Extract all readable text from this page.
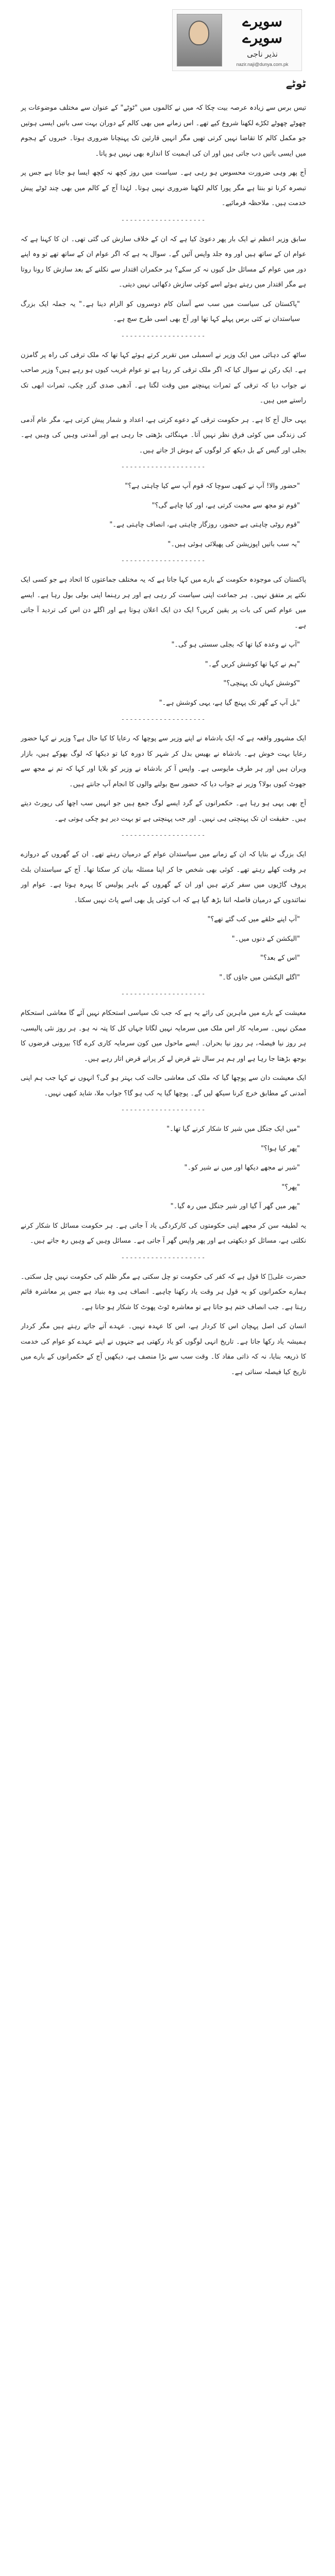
سویرے
سویرے
نذیر ناجی
nazir.naji@dunya.com.pk
ٹوٹے

تیس برس سے زیادہ عرصہ بیت چکا کہ میں نے کالموں میں "ٹوٹے" کے عنوان سے مختلف موضوعات پر چھوٹے چھوٹے ٹکڑے لکھنا شروع کیے تھے۔ اس زمانے میں بھی کالم کے دوران بہت سی باتیں ایسی ہوتیں جو مکمل کالم کا تقاضا نہیں کرتی تھیں مگر انہیں قارئین تک پہنچانا ضروری ہوتا۔ خبروں کے ہجوم میں ایسی باتیں دب جاتی ہیں اور ان کی اہمیت کا اندازہ بھی نہیں ہو پاتا۔

آج پھر وہی ضرورت محسوس ہو رہی ہے۔ سیاست میں روز کچھ نہ کچھ ایسا ہو جاتا ہے جس پر تبصرہ کرنا تو بنتا ہے مگر پورا کالم لکھنا ضروری نہیں ہوتا۔ لہٰذا آج کے کالم میں بھی چند ٹوٹے پیش خدمت ہیں۔ ملاحظہ فرمائیے۔

--------------------

سابق وزیر اعظم نے ایک بار پھر دعویٰ کیا ہے کہ ان کے خلاف سازش کی گئی تھی۔ ان کا کہنا ہے کہ عوام ان کے ساتھ ہیں اور وہ جلد واپس آئیں گے۔ سوال یہ ہے کہ اگر عوام ان کے ساتھ تھے تو وہ اپنے دور میں عوام کے مسائل حل کیوں نہ کر سکے؟ ہر حکمران اقتدار سے نکلنے کے بعد سازش کا رونا روتا ہے مگر اقتدار میں رہتے ہوئے اسے کوئی سازش دکھائی نہیں دیتی۔

"پاکستان کی سیاست میں سب سے آسان کام دوسروں کو الزام دینا ہے۔" یہ جملہ ایک بزرگ سیاستدان نے کئی برس پہلے کہا تھا اور آج بھی اسی طرح سچ ہے۔

--------------------

ساٹھ کی دہائی میں ایک وزیر نے اسمبلی میں تقریر کرتے ہوئے کہا تھا کہ ملک ترقی کی راہ پر گامزن ہے۔ ایک رکن نے سوال کیا کہ اگر ملک ترقی کر رہا ہے تو عوام غریب کیوں ہو رہے ہیں؟ وزیر صاحب نے جواب دیا کہ ترقی کے ثمرات پہنچنے میں وقت لگتا ہے۔ آدھی صدی گزر چکی، ثمرات ابھی تک راستے میں ہیں۔

یہی حال آج کا ہے۔ ہر حکومت ترقی کے دعوے کرتی ہے، اعداد و شمار پیش کرتی ہے، مگر عام آدمی کی زندگی میں کوئی فرق نظر نہیں آتا۔ مہنگائی بڑھتی جا رہی ہے اور آمدنی وہیں کی وہیں ہے۔ بجلی اور گیس کے بل دیکھ کر لوگوں کے ہوش اڑ جاتے ہیں۔

--------------------

"حضور والا! آپ نے کبھی سوچا کہ قوم آپ سے کیا چاہتی ہے؟"

"قوم تو مجھ سے محبت کرتی ہے، اور کیا چاہے گی؟"

"قوم روٹی چاہتی ہے حضور، روزگار چاہتی ہے، انصاف چاہتی ہے۔"

"یہ سب باتیں اپوزیشن کی پھیلائی ہوئی ہیں۔"

--------------------

پاکستان کی موجودہ حکومت کے بارے میں کہا جاتا ہے کہ یہ مختلف جماعتوں کا اتحاد ہے جو کسی ایک نکتے پر متفق نہیں۔ ہر جماعت اپنی سیاست کر رہی ہے اور ہر رہنما اپنی بولی بول رہا ہے۔ ایسے میں عوام کس کی بات پر یقین کریں؟ ایک دن ایک اعلان ہوتا ہے اور اگلے دن اس کی تردید آ جاتی ہے۔

"آپ نے وعدہ کیا تھا کہ بجلی سستی ہو گی۔"

"ہم نے کہا تھا کوشش کریں گے۔"

"کوشش کہاں تک پہنچی؟"

"بل آپ کے گھر تک پہنچ گیا ہے، یہی کوشش ہے۔"

--------------------

ایک مشہور واقعہ ہے کہ ایک بادشاہ نے اپنے وزیر سے پوچھا کہ رعایا کا کیا حال ہے؟ وزیر نے کہا حضور رعایا بہت خوش ہے۔ بادشاہ نے بھیس بدل کر شہر کا دورہ کیا تو دیکھا کہ لوگ بھوکے ہیں، بازار ویران ہیں اور ہر طرف مایوسی ہے۔ واپس آ کر بادشاہ نے وزیر کو بلایا اور کہا کہ تم نے مجھ سے جھوٹ کیوں بولا؟ وزیر نے جواب دیا کہ حضور سچ بولنے والوں کا انجام آپ جانتے ہیں۔

آج بھی یہی ہو رہا ہے۔ حکمرانوں کے گرد ایسے لوگ جمع ہیں جو انہیں سب اچھا کی رپورٹ دیتے ہیں۔ حقیقت ان تک پہنچتی ہی نہیں۔ اور جب پہنچتی ہے تو بہت دیر ہو چکی ہوتی ہے۔

--------------------

ایک بزرگ نے بتایا کہ ان کے زمانے میں سیاستدان عوام کے درمیان رہتے تھے۔ ان کے گھروں کے دروازے ہر وقت کھلے رہتے تھے۔ کوئی بھی شخص جا کر اپنا مسئلہ بیان کر سکتا تھا۔ آج کے سیاستدان بلٹ پروف گاڑیوں میں سفر کرتے ہیں اور ان کے گھروں کے باہر پولیس کا پہرہ ہوتا ہے۔ عوام اور نمائندوں کے درمیان فاصلہ اتنا بڑھ گیا ہے کہ اب کوئی پل بھی اسے پاٹ نہیں سکتا۔

"آپ اپنے حلقے میں کب گئے تھے؟"

"الیکشن کے دنوں میں۔"

"اس کے بعد؟"

"اگلے الیکشن میں جاؤں گا۔"

--------------------

معیشت کے بارے میں ماہرین کی رائے یہ ہے کہ جب تک سیاسی استحکام نہیں آئے گا معاشی استحکام ممکن نہیں۔ سرمایہ کار اس ملک میں سرمایہ نہیں لگاتا جہاں کل کا پتہ نہ ہو۔ ہر روز نئی پالیسی، ہر روز نیا فیصلہ، ہر روز نیا بحران۔ ایسے ماحول میں کون سرمایہ کاری کرے گا؟ بیرونی قرضوں کا بوجھ بڑھتا جا رہا ہے اور ہم ہر سال نئے قرض لے کر پرانے قرض اتار رہے ہیں۔

ایک معیشت دان سے پوچھا گیا کہ ملک کی معاشی حالت کب بہتر ہو گی؟ انہوں نے کہا جب ہم اپنی آمدنی کے مطابق خرچ کرنا سیکھ لیں گے۔ پوچھا گیا یہ کب ہو گا؟ جواب ملا، شاید کبھی نہیں۔

--------------------

"میں ایک جنگل میں شیر کا شکار کرنے گیا تھا۔"

"پھر کیا ہوا؟"

"شیر نے مجھے دیکھا اور میں نے شیر کو۔"

"پھر؟"

"پھر میں گھر آ گیا اور شیر جنگل میں رہ گیا۔"

یہ لطیفہ سن کر مجھے اپنی حکومتوں کی کارکردگی یاد آ جاتی ہے۔ ہر حکومت مسائل کا شکار کرنے نکلتی ہے، مسائل کو دیکھتی ہے اور پھر واپس گھر آ جاتی ہے۔ مسائل وہیں کے وہیں رہ جاتے ہیں۔

--------------------

حضرت علیؓ کا قول ہے کہ کفر کی حکومت تو چل سکتی ہے مگر ظلم کی حکومت نہیں چل سکتی۔ ہمارے حکمرانوں کو یہ قول ہر وقت یاد رکھنا چاہیے۔ انصاف ہی وہ بنیاد ہے جس پر معاشرہ قائم رہتا ہے۔ جب انصاف ختم ہو جاتا ہے تو معاشرہ ٹوٹ پھوٹ کا شکار ہو جاتا ہے۔

انسان کی اصل پہچان اس کا کردار ہے، اس کا عہدہ نہیں۔ عہدے آتے جاتے رہتے ہیں مگر کردار ہمیشہ یاد رکھا جاتا ہے۔ تاریخ انہی لوگوں کو یاد رکھتی ہے جنہوں نے اپنے عہدے کو عوام کی خدمت کا ذریعہ بنایا، نہ کہ ذاتی مفاد کا۔ وقت سب سے بڑا منصف ہے، دیکھیں آج کے حکمرانوں کے بارے میں تاریخ کیا فیصلہ سناتی ہے۔
